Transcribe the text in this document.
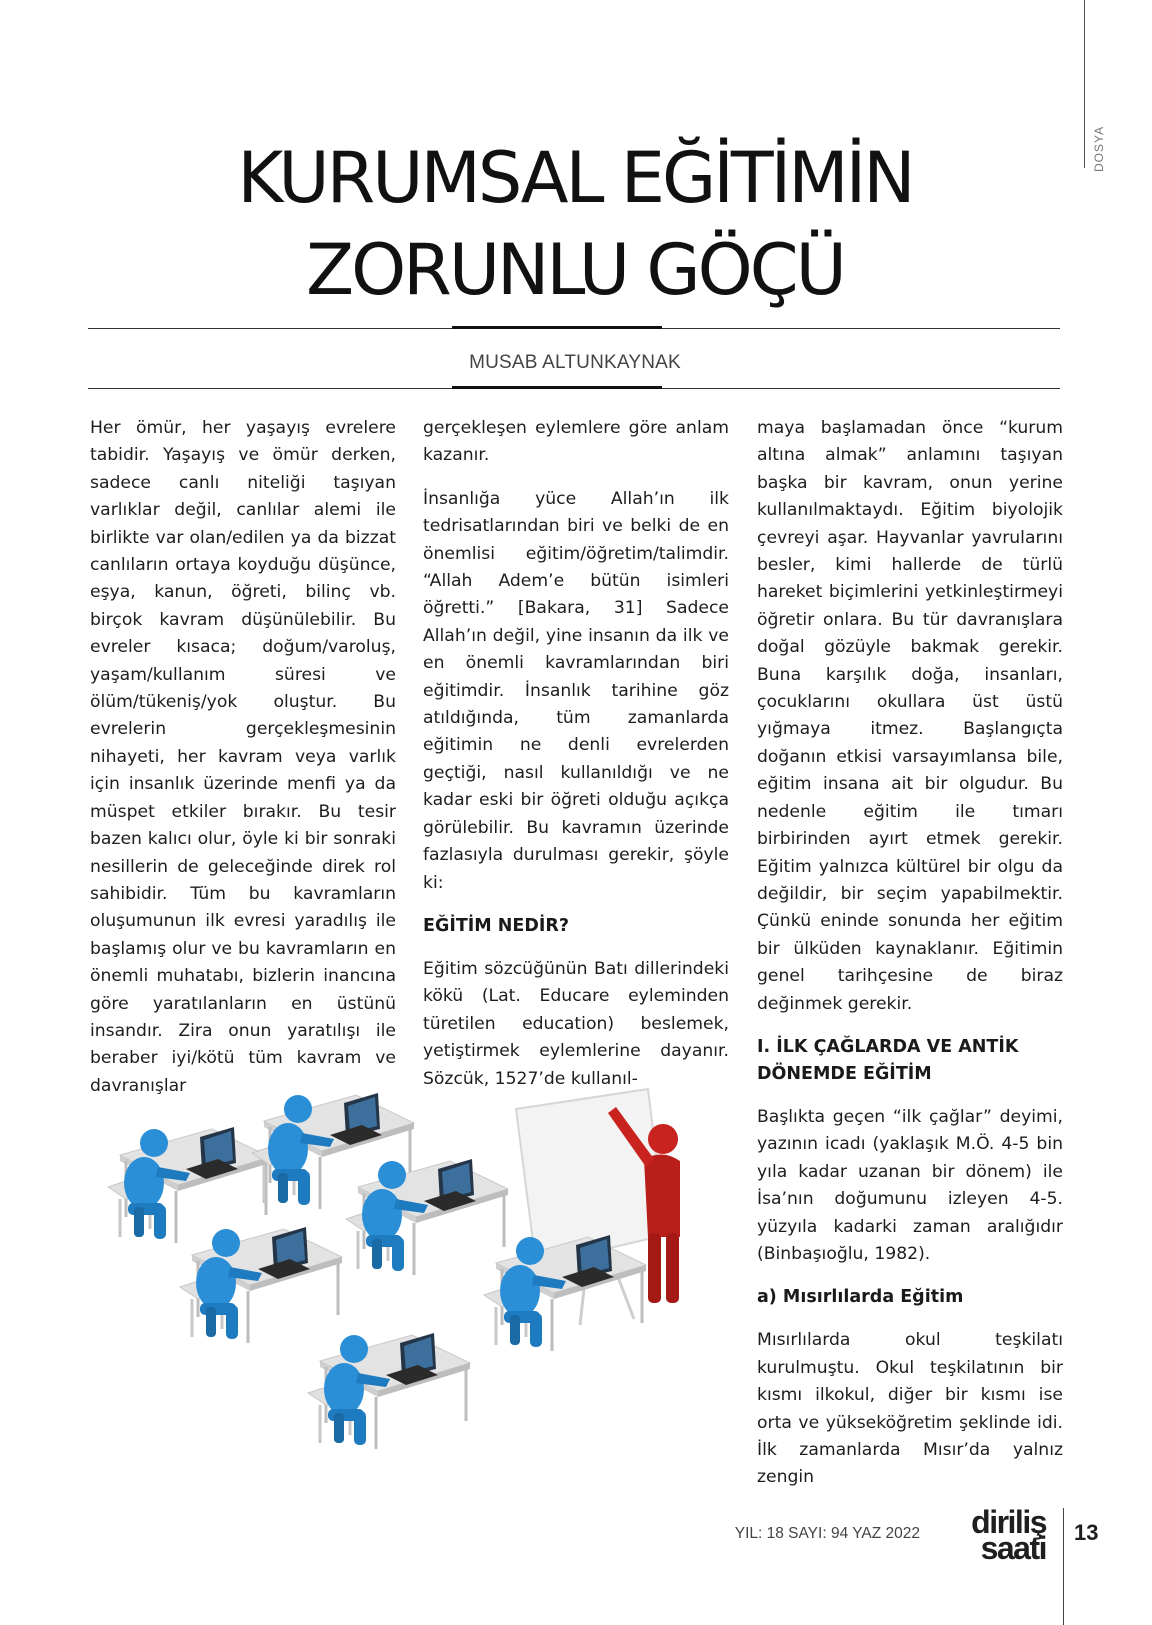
DOSYA
KURUMSAL EĞİTİMİN
ZORUNLU GÖÇÜ
MUSAB ALTUNKAYNAK

Her ömür, her yaşayış evrelere tabidir. Yaşayış ve ömür derken, sadece canlı niteliği taşıyan varlıklar değil, canlılar alemi ile birlikte var olan/edilen ya da bizzat canlıların ortaya koyduğu düşünce, eşya, kanun, öğreti, bilinç vb. birçok kavram düşünülebilir. Bu evreler kısaca; doğum/varoluş, yaşam/kullanım süresi ve ölüm/tükeniş/yok oluştur. Bu evrelerin gerçekleşmesinin nihayeti, her kavram veya varlık için insanlık üzerinde menfi ya da müspet etkiler bırakır. Bu tesir bazen kalıcı olur, öyle ki bir sonraki nesillerin de geleceğinde direk rol sahibidir. Tüm bu kavramların oluşumunun ilk evresi yaradılış ile başlamış olur ve bu kavramların en önemli muhatabı, bizlerin inancına göre yaratılanların en üstünü insandır. Zira onun yaratılışı ile beraber iyi/kötü tüm kavram ve davranışlar

gerçekleşen eylemlere göre anlam kazanır.

İnsanlığa yüce Allah’ın ilk tedrisatlarından biri ve belki de en önemlisi eğitim/öğretim/talimdir. “Allah Adem’e bütün isimleri öğretti.” [Bakara, 31] Sadece Allah’ın değil, yine insanın da ilk ve en önemli kavramlarından biri eğitimdir. İnsanlık tarihine göz atıldığında, tüm zamanlarda eğitimin ne denli evrelerden geçtiği, nasıl kullanıldığı ve ne kadar eski bir öğreti olduğu açıkça görülebilir. Bu kavramın üzerinde fazlasıyla durulması gerekir, şöyle ki:

EĞİTİM NEDİR?

Eğitim sözcüğünün Batı dillerindeki kökü (Lat. Educare eyleminden türetilen education) beslemek, yetiştirmek eylemlerine dayanır. Sözcük, 1527’de kullanıl-

maya başlamadan önce “kurum altına almak” anlamını taşıyan başka bir kavram, onun yerine kullanılmaktaydı. Eğitim biyolojik çevreyi aşar. Hayvanlar yavrularını besler, kimi hallerde de türlü hareket biçimlerini yetkinleştirmeyi öğretir onlara. Bu tür davranışlara doğal gözüyle bakmak gerekir. Buna karşılık doğa, insanları, çocuklarını okullara üst üstü yığmaya itmez. Başlangıçta doğanın etkisi varsayımlansa bile, eğitim insana ait bir olgudur. Bu nedenle eğitim ile tımarı birbirinden ayırt etmek gerekir. Eğitim yalnızca kültürel bir olgu da değildir, bir seçim yapabilmektir. Çünkü eninde sonunda her eğitim bir ülküden kaynaklanır. Eğitimin genel tarihçesine de biraz değinmek gerekir.

I. İLK ÇAĞLARDA VE ANTİK DÖNEMDE EĞİTİM

Başlıkta geçen “ilk çağlar” deyimi, yazının icadı (yaklaşık M.Ö. 4-5 bin yıla kadar uzanan bir dönem) ile İsa’nın doğumunu izleyen 4-5. yüzyıla kadarki zaman aralığıdır (Binbaşıoğlu, 1982).

a) Mısırlılarda Eğitim

Mısırlılarda okul teşkilatı kurulmuştu. Okul teşkilatının bir kısmı ilkokul, diğer bir kısmı ise orta ve yükseköğretim şeklinde idi. İlk zamanlarda Mısır’da yalnız zengin

YIL: 18 SAYI: 94 YAZ 2022	diriliş
saati 13
